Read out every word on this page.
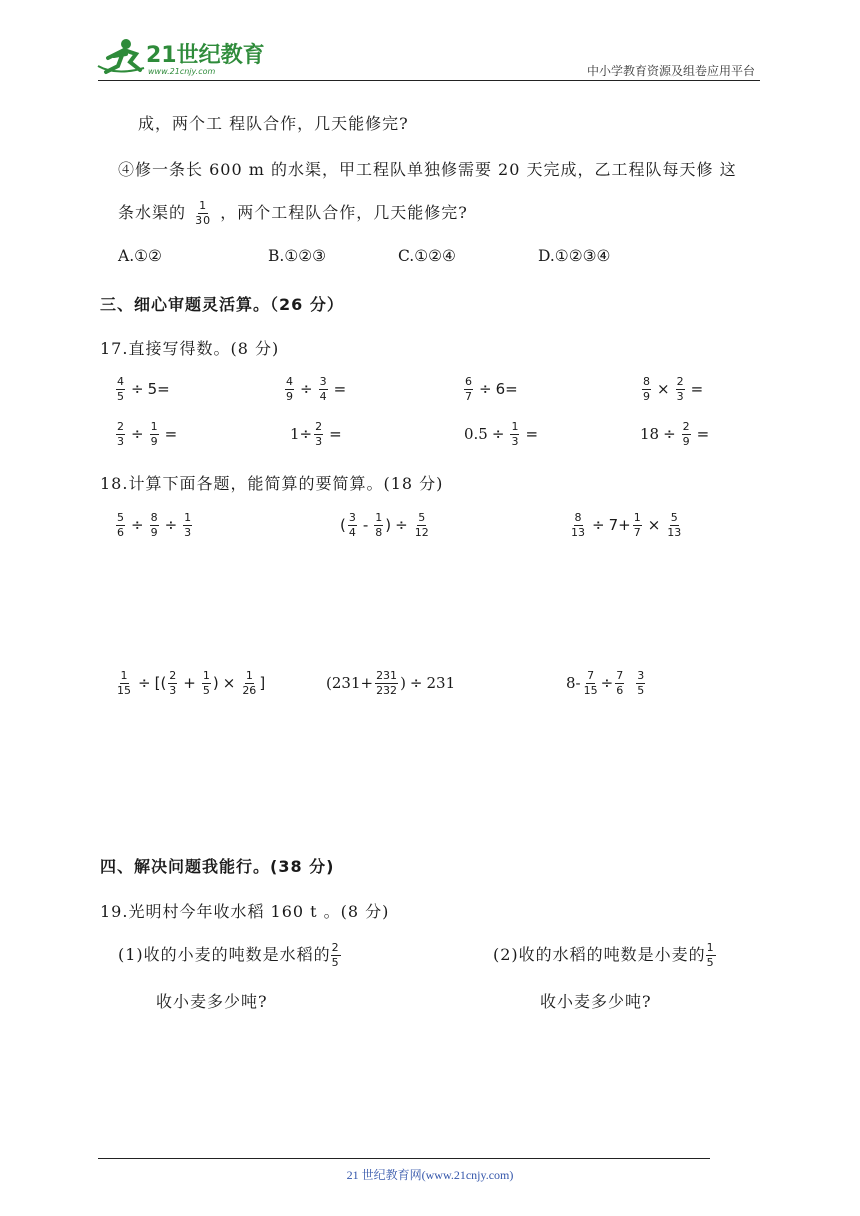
21世纪教育
www.21cnjy.com	中小学教育资源及组卷应用平台
成，两个工 程队合作，几天能修完?
④修一条长 600 m 的水渠，甲工程队单独修需要 20 天完成，乙工程队每天修 这
条水渠的 $\frac{1}{30}$ ，两个工程队合作，几天能修完?
A.①②	B.①②③	C.①②④	D.①②③④
三、细心审题灵活算。（26 分）
17.直接写得数。(8 分)
$\frac{4}{5} \div 5=$	$\frac{4}{9} \div \frac{3}{4}$ =	$\frac{6}{7} \div 6=$	$\frac{8}{9} \times \frac{2}{3}$ =
$\frac{2}{3} \div \frac{1}{9}$ =	$1\div \frac{2}{3}$ =	$0.5 \div \frac{1}{3}$ =	$18 \div \frac{2}{9}$ =
18.计算下面各题，能简算的要简算。(18 分)
$\frac{5}{6} \div \frac{8}{9} \div \frac{1}{3}$	( $\frac{3}{4} - \frac{1}{8}$ ) ÷ $\frac{5}{12}$	$\frac{8}{13} \div 7+ \frac{1}{7} \times \frac{5}{13}$
$\frac{1}{15}$ ÷ [( $\frac{2}{3} + \frac{1}{5}$ ) × $\frac{1}{26}$ ]	($231+ \frac{231}{232}$ ) ÷ 231	$8- \frac{7}{15} \div \frac{7}{6} \frac{3}{5}$
四、解决问题我能行。(38 分)
19.光明村今年收水稻 160 t 。(8 分)
(1)收的小麦的吨数是水稻的 $\frac{2}{5}$
收小麦多少吨?
(2)收的水稻的吨数是小麦的 $\frac{1}{5}$
收小麦多少吨?
21 世纪教育网(www.21cnjy.com)
